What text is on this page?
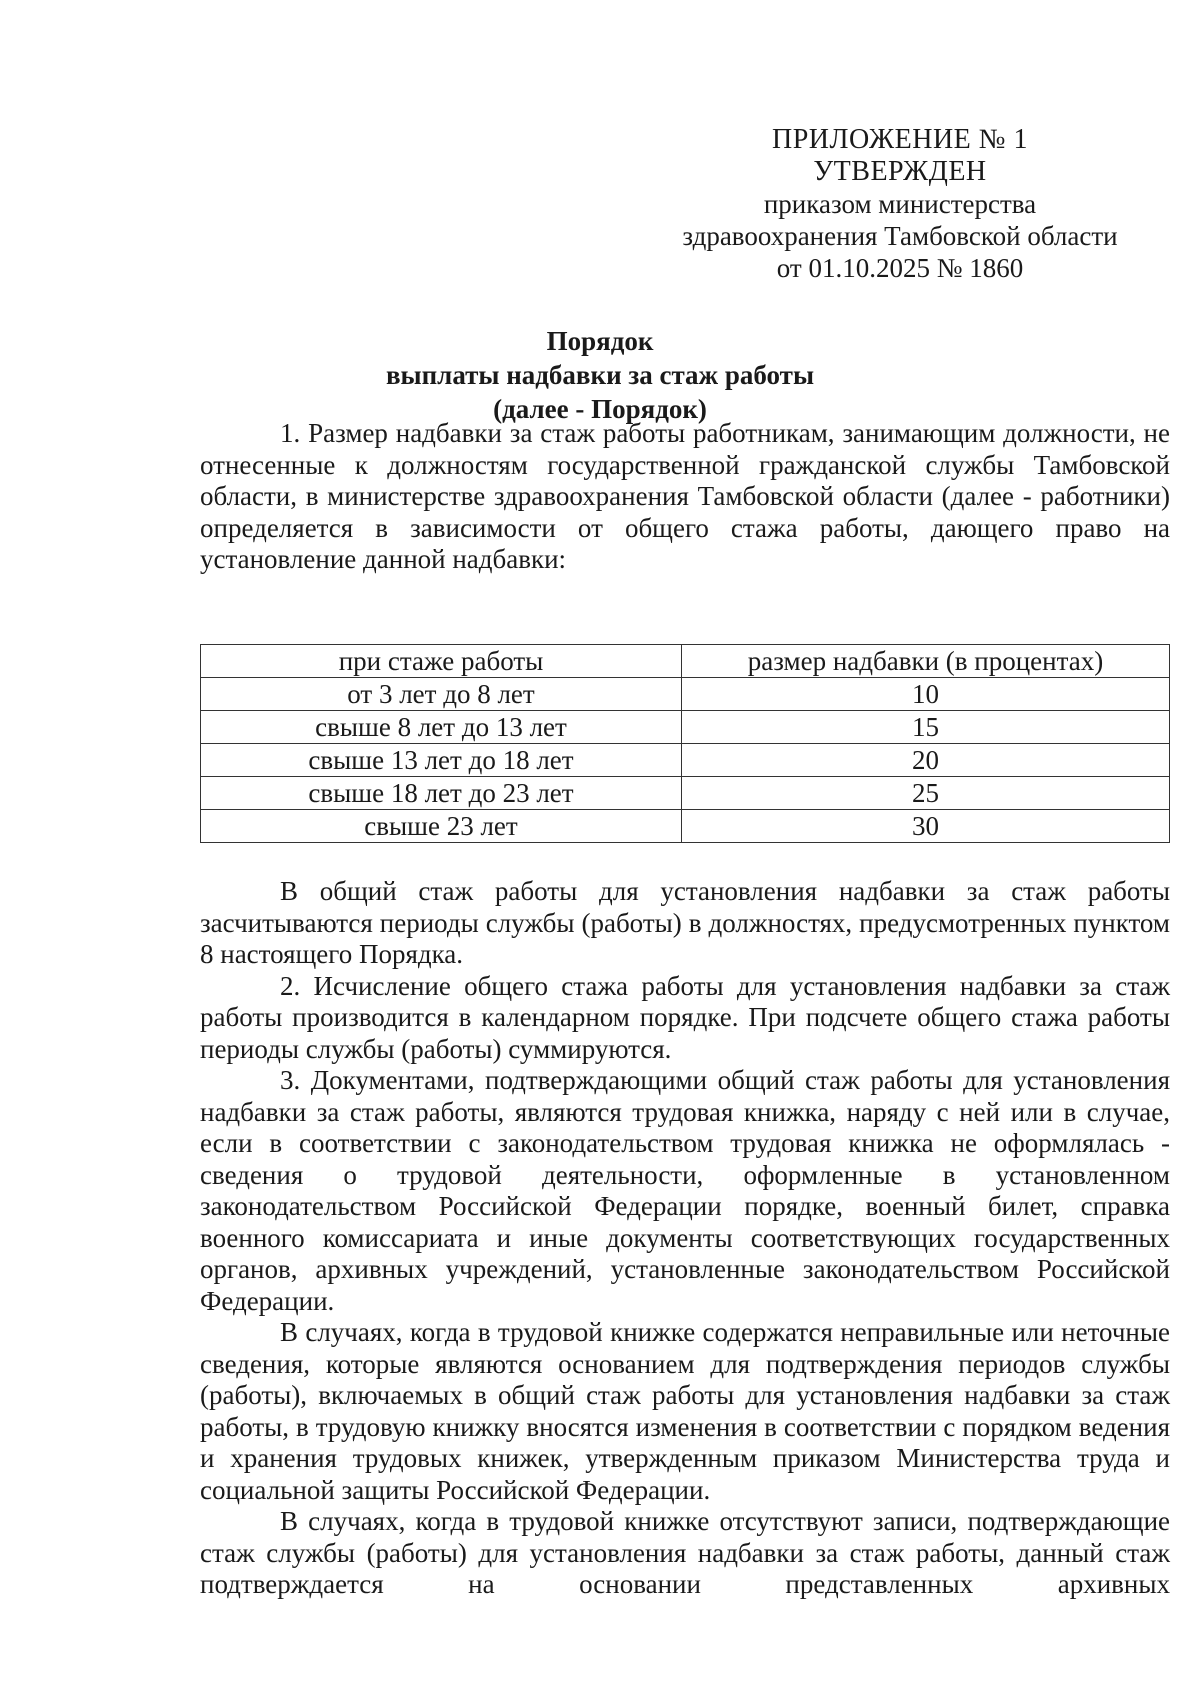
ПРИЛОЖЕНИЕ № 1
УТВЕРЖДЕН
приказом министерства
здравоохранения Тамбовской области
от 01.10.2025 № 1860
Порядок
выплаты надбавки за стаж работы
(далее - Порядок)

1. Размер надбавки за стаж работы работникам, занимающим должности, не отнесенные к должностям государственной гражданской службы Тамбовской области, в министерстве здравоохранения Тамбовской области (далее - работники) определяется в зависимости от общего стажа работы, дающего право на установление данной надбавки:

при стаже работы	размер надбавки (в процентах)
от 3 лет до 8 лет	10
свыше 8 лет до 13 лет	15
свыше 13 лет до 18 лет	20
свыше 18 лет до 23 лет	25
свыше 23 лет	30

В общий стаж работы для установления надбавки за стаж работы засчитываются периоды службы (работы) в должностях, предусмотренных пунктом 8 настоящего Порядка.

2. Исчисление общего стажа работы для установления надбавки за стаж работы производится в календарном порядке. При подсчете общего стажа работы периоды службы (работы) суммируются.

3. Документами, подтверждающими общий стаж работы для установления надбавки за стаж работы, являются трудовая книжка, наряду с ней или в случае, если в соответствии с законодательством трудовая книжка не оформлялась - сведения о трудовой деятельности, оформленные в установленном законодательством Российской Федерации порядке, военный билет, справка военного комиссариата и иные документы соответствующих государственных органов, архивных учреждений, установленные законодательством Российской Федерации.

В случаях, когда в трудовой книжке содержатся неправильные или неточные сведения, которые являются основанием для подтверждения периодов службы (работы), включаемых в общий стаж работы для установления надбавки за стаж работы, в трудовую книжку вносятся изменения в соответствии с порядком ведения и хранения трудовых книжек, утвержденным приказом Министерства труда и социальной защиты Российской Федерации.

В случаях, когда в трудовой книжке отсутствуют записи, подтверждающие стаж службы (работы) для установления надбавки за стаж работы, данный стаж подтверждается на основании представленных архивных
